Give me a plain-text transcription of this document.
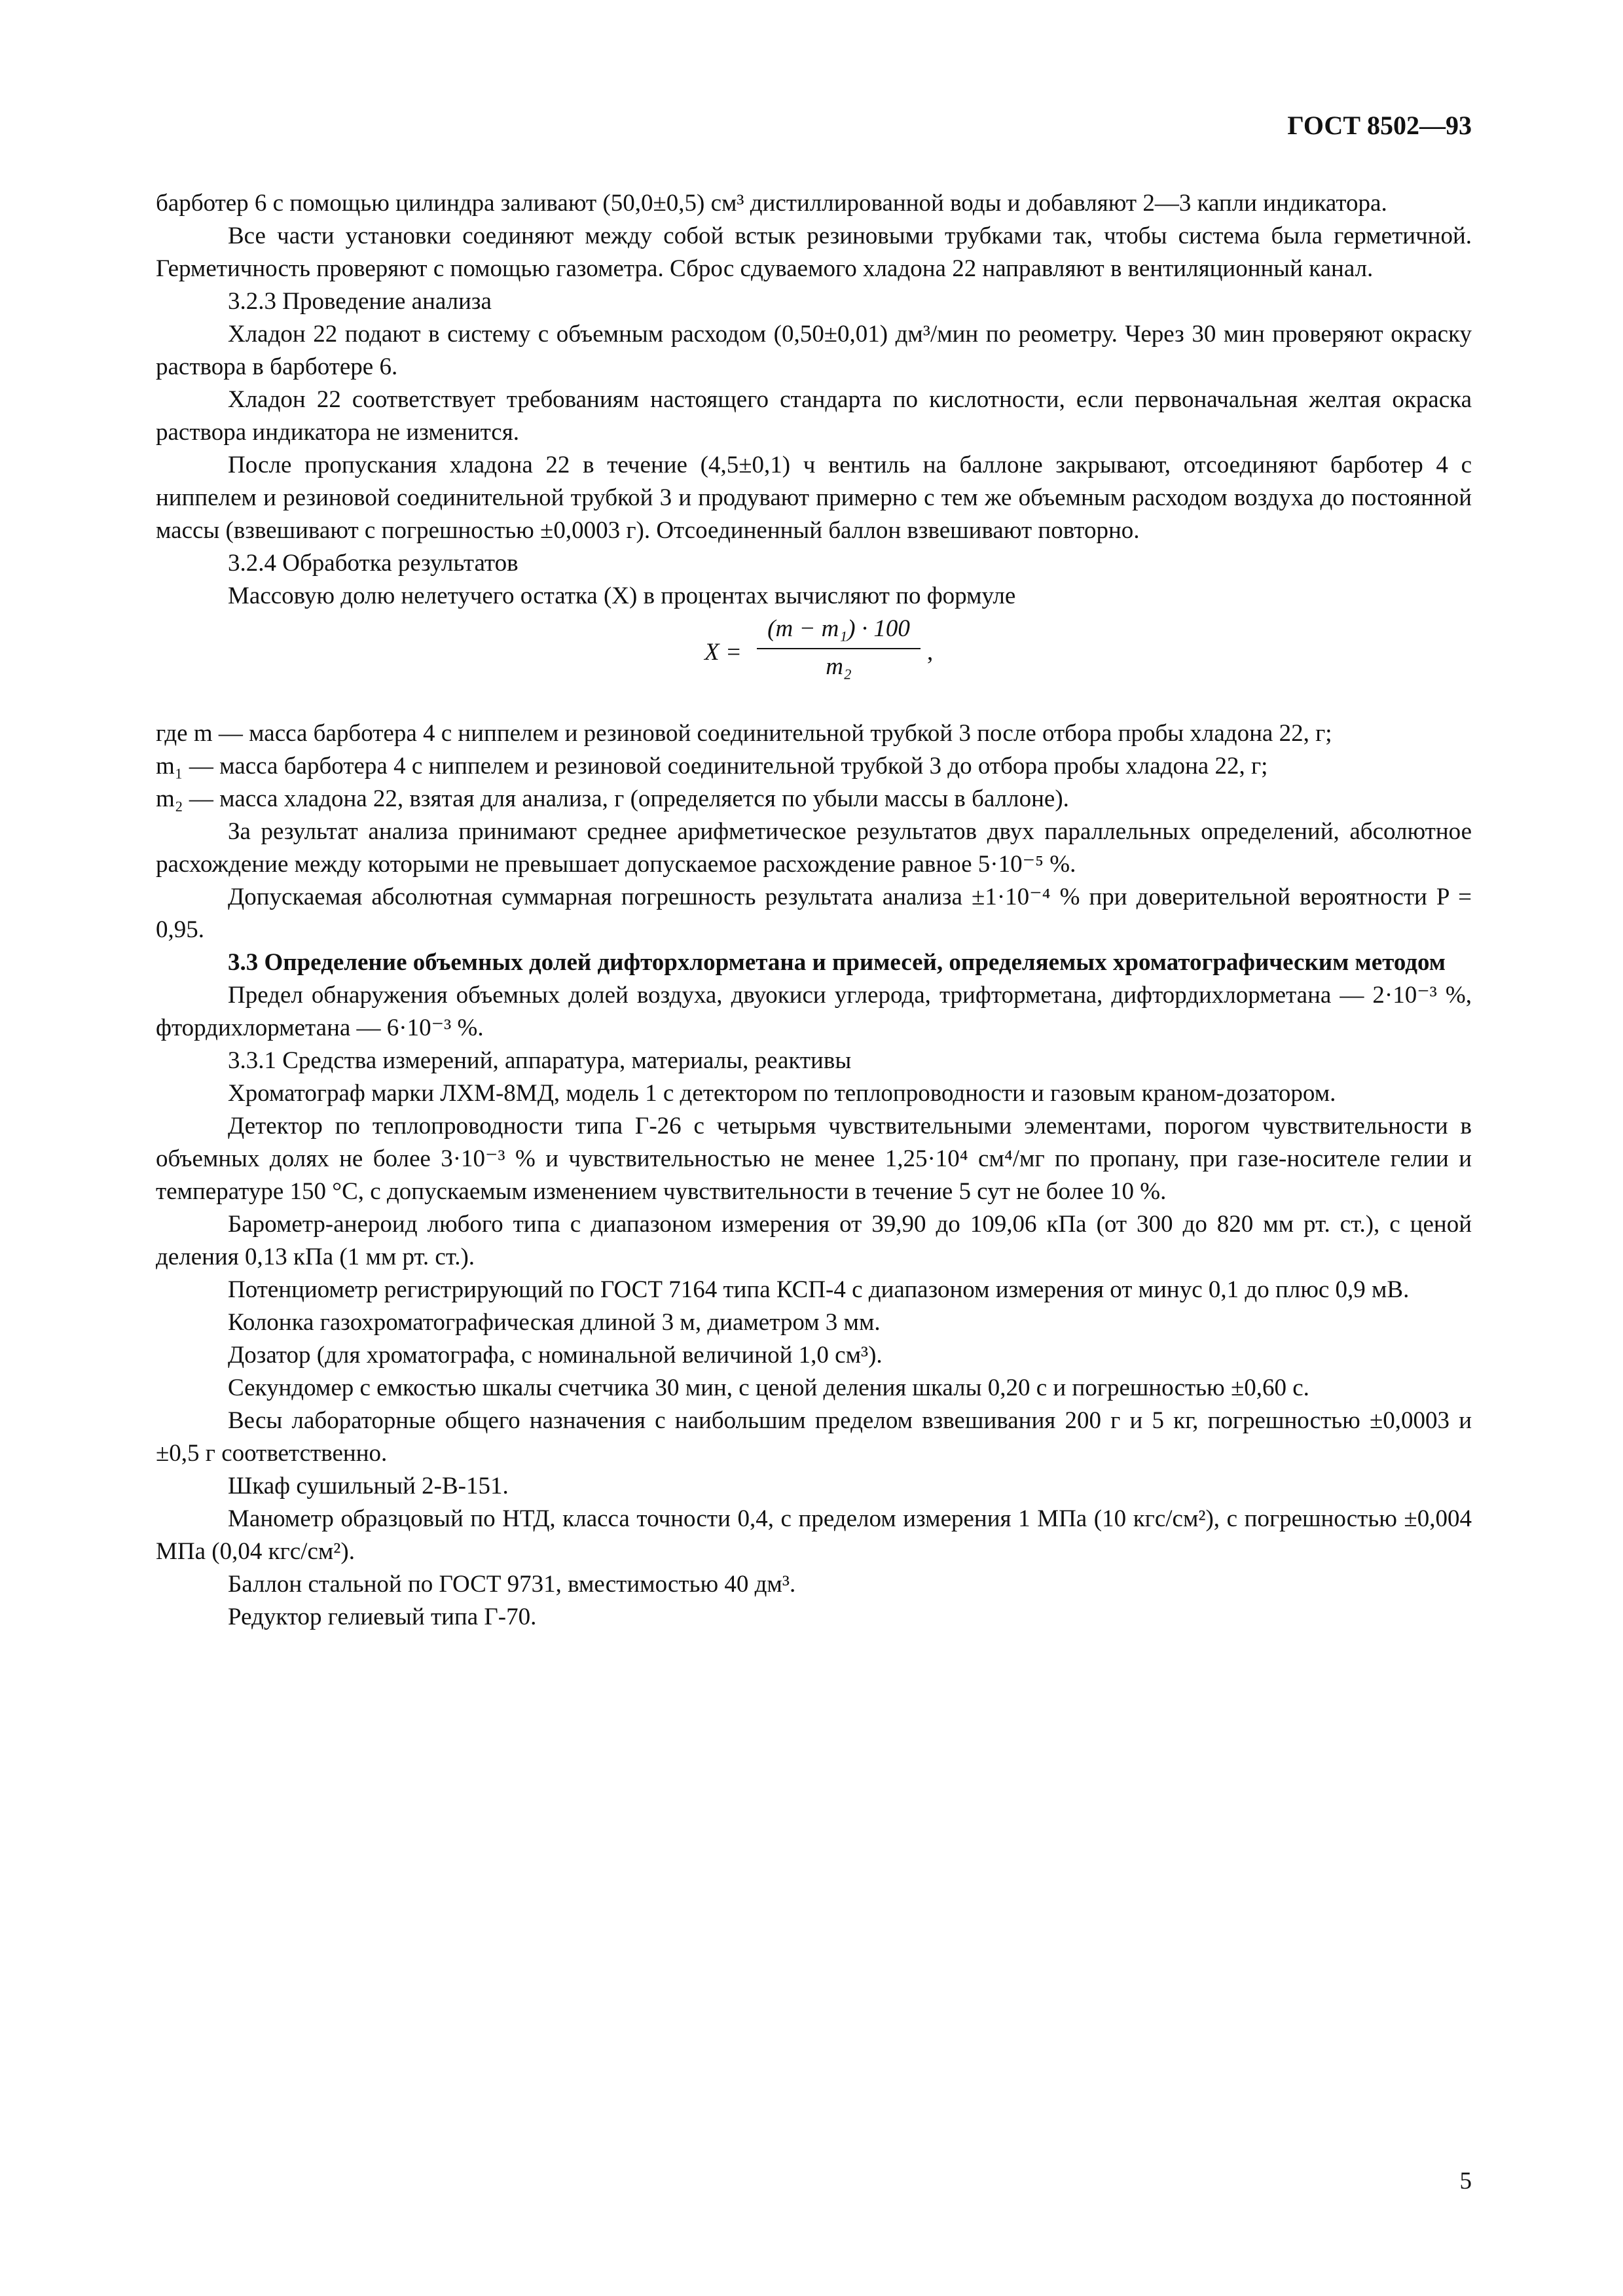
ГОСТ 8502—93

барботер 6 с помощью цилиндра заливают (50,0±0,5) см³ дистиллированной воды и добавляют 2—3 капли индикатора.

Все части установки соединяют между собой встык резиновыми трубками так, чтобы система была герметичной. Герметичность проверяют с помощью газометра. Сброс сдуваемого хладона 22 направляют в вентиляционный канал.

3.2.3 Проведение анализа

Хладон 22 подают в систему с объемным расходом (0,50±0,01) дм³/мин по реометру. Через 30 мин проверяют окраску раствора в барботере 6.

Хладон 22 соответствует требованиям настоящего стандарта по кислотности, если первоначальная желтая окраска раствора индикатора не изменится.

После пропускания хладона 22 в течение (4,5±0,1) ч вентиль на баллоне закрывают, отсоединяют барботер 4 с ниппелем и резиновой соединительной трубкой 3 и продувают примерно с тем же объемным расходом воздуха до постоянной массы (взвешивают с погрешностью ±0,0003 г). Отсоединенный баллон взвешивают повторно.

3.2.4 Обработка результатов

Массовую долю нелетучего остатка (X) в процентах вычисляют по формуле

$X = \frac{\text{(m − m₁) · 100}}{\text{m₂}}$ ,

где m — масса барботера 4 с ниппелем и резиновой соединительной трубкой 3 после отбора пробы хладона 22, г;

m₁ — масса барботера 4 с ниппелем и резиновой соединительной трубкой 3 до отбора пробы хладона 22, г;

m₂ — масса хладона 22, взятая для анализа, г (определяется по убыли массы в баллоне).

За результат анализа принимают среднее арифметическое результатов двух параллельных определений, абсолютное расхождение между которыми не превышает допускаемое расхождение равное 5·10⁻⁵ %.

Допускаемая абсолютная суммарная погрешность результата анализа ±1·10⁻⁴ % при доверительной вероятности P = 0,95.

3.3 Определение объемных долей дифторхлорметана и примесей, определяемых хроматографическим методом

Предел обнаружения объемных долей воздуха, двуокиси углерода, трифторметана, дифтордихлорметана — 2·10⁻³ %, фтордихлорметана — 6·10⁻³ %.

3.3.1 Средства измерений, аппаратура, материалы, реактивы

Хроматограф марки ЛХМ-8МД, модель 1 с детектором по теплопроводности и газовым краном-дозатором.

Детектор по теплопроводности типа Г-26 с четырьмя чувствительными элементами, порогом чувствительности в объемных долях не более 3·10⁻³ % и чувствительностью не менее 1,25·10⁴ см⁴/мг по пропану, при газе-носителе гелии и температуре 150 °С, с допускаемым изменением чувствительности в течение 5 сут не более 10 %.

Барометр-анероид любого типа с диапазоном измерения от 39,90 до 109,06 кПа (от 300 до 820 мм рт. ст.), с ценой деления 0,13 кПа (1 мм рт. ст.).

Потенциометр регистрирующий по ГОСТ 7164 типа КСП-4 с диапазоном измерения от минус 0,1 до плюс 0,9 мВ.

Колонка газохроматографическая длиной 3 м, диаметром 3 мм.

Дозатор (для хроматографа, с номинальной величиной 1,0 см³).

Секундомер с емкостью шкалы счетчика 30 мин, с ценой деления шкалы 0,20 с и погрешностью ±0,60 с.

Весы лабораторные общего назначения с наибольшим пределом взвешивания 200 г и 5 кг, погрешностью ±0,0003 и ±0,5 г соответственно.

Шкаф сушильный 2-В-151.

Манометр образцовый по НТД, класса точности 0,4, с пределом измерения 1 МПа (10 кгс/см²), с погрешностью ±0,004 МПа (0,04 кгс/см²).

Баллон стальной по ГОСТ 9731, вместимостью 40 дм³.

Редуктор гелиевый типа Г-70.

5
